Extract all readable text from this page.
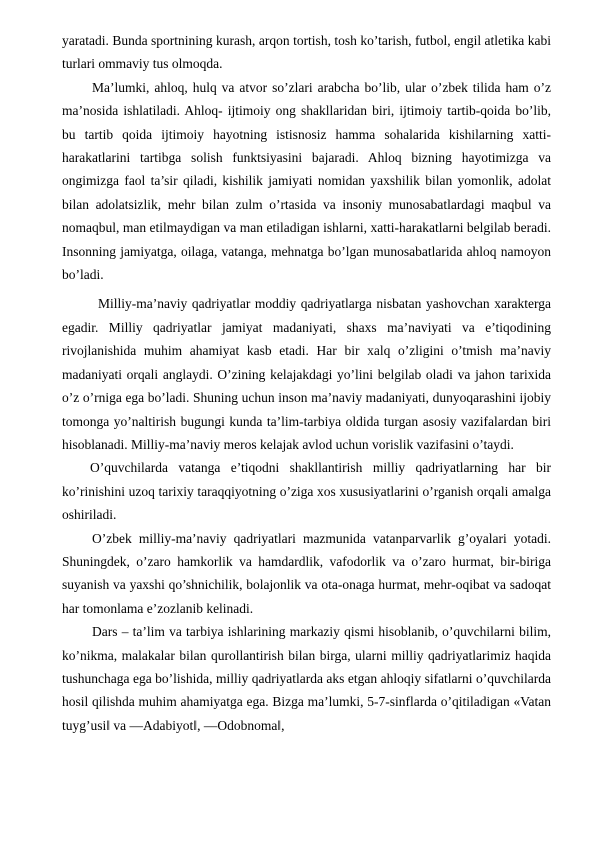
yaratadi. Bunda sportnining kurash, arqon tortish, tosh ko’tarish, futbol, engil atletika kabi turlari ommaviy tus olmoqda.

Ma’lumki, ahloq, hulq va atvor so’zlari arabcha bo’lib, ular o’zbek tilida ham o’z ma’nosida ishlatiladi. Ahloq- ijtimoiy ong shakllaridan biri, ijtimoiy tartib-qoida bo’lib, bu tartib qoida ijtimoiy hayotning istisnosiz hamma sohalarida kishilarning xatti-harakatlarini tartibga solish funktsiyasini bajaradi. Ahloq bizning hayotimizga va ongimizga faol ta’sir qiladi, kishilik jamiyati nomidan yaxshilik bilan yomonlik, adolat bilan adolatsizlik, mehr bilan zulm o’rtasida va insoniy munosabatlardagi maqbul va nomaqbul, man etilmaydigan va man etiladigan ishlarni, xatti-harakatlarni belgilab beradi. Insonning jamiyatga, oilaga, vatanga, mehnatga bo’lgan munosabatlarida ahloq namoyon bo’ladi.

Milliy-ma’naviy qadriyatlar moddiy qadriyatlarga nisbatan yashovchan xarakterga egadir. Milliy qadriyatlar jamiyat madaniyati, shaxs ma’naviyati va e’tiqodining rivojlanishida muhim ahamiyat kasb etadi. Har bir xalq o’zligini o’tmish ma’naviy madaniyati orqali anglaydi. O’zining kelajakdagi yo’lini belgilab oladi va jahon tarixida o’z o’rniga ega bo’ladi. Shuning uchun inson ma’naviy madaniyati, dunyoqarashini ijobiy tomonga yo’naltirish bugungi kunda ta’lim-tarbiya oldida turgan asosiy vazifalardan biri hisoblanadi. Milliy-ma’naviy meros kelajak avlod uchun vorislik vazifasini o’taydi.

O’quvchilarda vatanga e’tiqodni shakllantirish milliy qadriyatlarning har bir ko’rinishini uzoq tarixiy taraqqiyotning o’ziga xos xususiyatlarini o’rganish orqali amalga oshiriladi.

O’zbek milliy-ma’naviy qadriyatlari mazmunida vatanparvarlik g’oyalari yotadi. Shuningdek, o’zaro hamkorlik va hamdardlik, vafodorlik va o’zaro hurmat, bir-biriga suyanish va yaxshi qo’shnichilik, bolajonlik va ota-onaga hurmat, mehr-oqibat va sadoqat har tomonlama e’zozlanib kelinadi.

Dars – ta’lim va tarbiya ishlarining markaziy qismi hisoblanib, o’quvchilarni bilim, ko’nikma, malakalar bilan qurollantirish bilan birga, ularni milliy qadriyatlarimiz haqida tushunchaga ega bo’lishida, milliy qadriyatlarda aks etgan ahloqiy sifatlarni o’quvchilarda hosil qilishda muhim ahamiyatga ega. Bizga ma’lumki, 5-7-sinflarda o’qitiladigan «Vatan tuyg’usi‖ va ―Adabiyot‖, ―Odobnoma‖,
